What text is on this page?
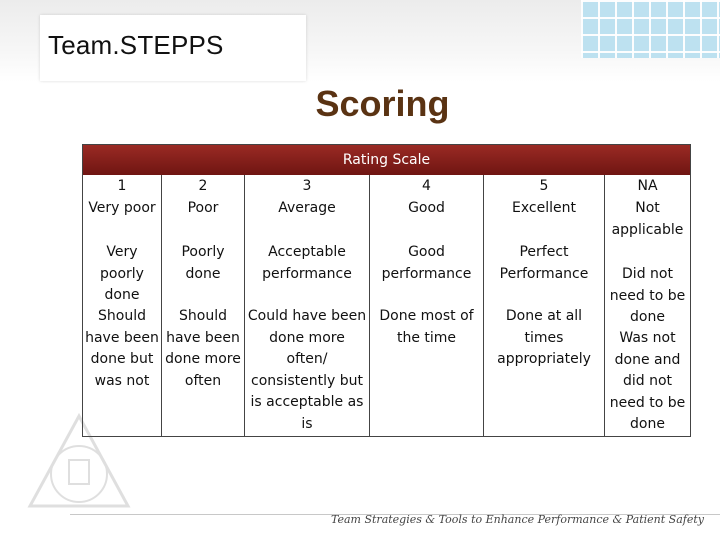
Team.STEPPS
Scoring
Rating Scale
1
Very poor
Very poorly done
Should have been done but was not
2
Poor
Poorly done
Should have been done more often
3
Average
Acceptable performance
Could have been done more often/ consistently but is acceptable as is
4
Good
Good performance
Done most of the time
5
Excellent
Perfect Performance
Done at all times appropriately
NA
Not applicable
Did not need to be done
Was not done and did not need to be done
Team Strategies & Tools to Enhance Performance & Patient Safety
